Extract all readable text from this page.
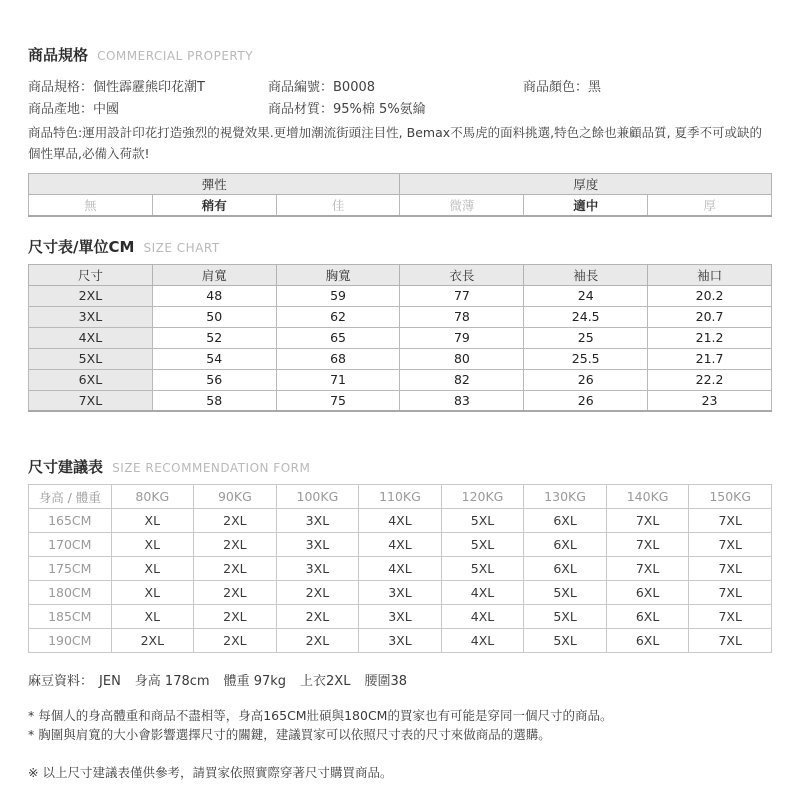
商品規格 COMMERCIAL PROPERTY
商品規格：個性霹靂熊印花潮T	商品編號：B0008	商品顏色：黑
商品產地：中國	商品材質：95%棉 5%氨綸
商品特色:運用設計印花打造強烈的視覺效果.更增加潮流街頭注目性, Bemax不馬虎的面料挑選,特色之餘也兼顧品質, 夏季不可或缺的個性單品,必備入荷款!
彈性			厚度		
無	稍有	佳	微薄	適中	厚
尺寸表/單位CM SIZE CHART
尺寸	肩寬	胸寬	衣長	袖長	袖口
2XL	48	59	77	24	20.2
3XL	50	62	78	24.5	20.7
4XL	52	65	79	25	21.2
5XL	54	68	80	25.5	21.7
6XL	56	71	82	26	22.2
7XL	58	75	83	26	23
尺寸建議表 SIZE RECOMMENDATION FORM
身高 / 體重	80KG	90KG	100KG	110KG	120KG	130KG	140KG	150KG
165CM	XL	2XL	3XL	4XL	5XL	6XL	7XL	7XL
170CM	XL	2XL	3XL	4XL	5XL	6XL	7XL	7XL
175CM	XL	2XL	3XL	4XL	5XL	6XL	7XL	7XL
180CM	XL	2XL	2XL	3XL	4XL	5XL	6XL	7XL
185CM	XL	2XL	2XL	3XL	4XL	5XL	6XL	7XL
190CM	2XL	2XL	2XL	3XL	4XL	5XL	6XL	7XL
麻豆資料： JEN 身高 178cm 體重 97kg 上衣2XL 腰圍38
* 每個人的身高體重和商品不盡相等，身高165CM壯碩與180CM的買家也有可能是穿同一個尺寸的商品。
* 胸圍與肩寬的大小會影響選擇尺寸的關鍵，建議買家可以依照尺寸表的尺寸來做商品的選購。
※ 以上尺寸建議表僅供參考，請買家依照實際穿著尺寸購買商品。
